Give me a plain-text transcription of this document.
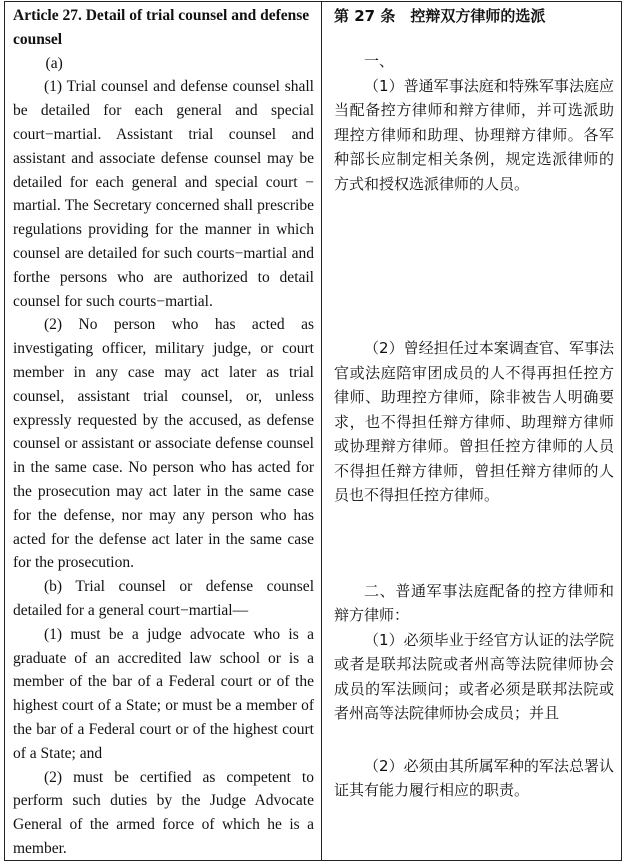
Article 27. Detail of trial counsel and defense counsel

(a)

(1) Trial counsel and defense counsel shall be detailed for each general and special court−martial. Assistant trial counsel and assistant and associate defense counsel may be detailed for each general and special court − martial. The Secretary concerned shall prescribe regulations providing for the manner in which counsel are detailed for such courts−martial and forthe persons who are authorized to detail counsel for such courts−martial.

(2) No person who has acted as investigating officer, military judge, or court member in any case may act later as trial counsel, assistant trial counsel, or, unless expressly requested by the accused, as defense counsel or assistant or associate defense counsel in the same case. No person who has acted for the prosecution may act later in the same case for the defense, nor may any person who has acted for the defense act later in the same case for the prosecution.

(b) Trial counsel or defense counsel detailed for a general court−martial—

(1) must be a judge advocate who is a graduate of an accredited law school or is a member of the bar of a Federal court or of the highest court of a State; or must be a member of the bar of a Federal court or of the highest court of a State; and

(2) must be certified as competent to perform such duties by the Judge Advocate General of the armed force of which he is a member.

第 27 条　控辩双方律师的选派

一、

（1）普通军事法庭和特殊军事法庭应当配备控方律师和辩方律师，并可选派助理控方律师和助理、协理辩方律师。各军种部长应制定相关条例，规定选派律师的方式和授权选派律师的人员。

（2）曾经担任过本案调查官、军事法官或法庭陪审团成员的人不得再担任控方律师、助理控方律师，除非被告人明确要求，也不得担任辩方律师、助理辩方律师或协理辩方律师。曾担任控方律师的人员不得担任辩方律师，曾担任辩方律师的人员也不得担任控方律师。

二、普通军事法庭配备的控方律师和辩方律师：

（1）必须毕业于经官方认证的法学院或者是联邦法院或者州高等法院律师协会成员的军法顾问；或者必须是联邦法院或者州高等法院律师协会成员；并且

（2）必须由其所属军种的军法总署认证其有能力履行相应的职责。
